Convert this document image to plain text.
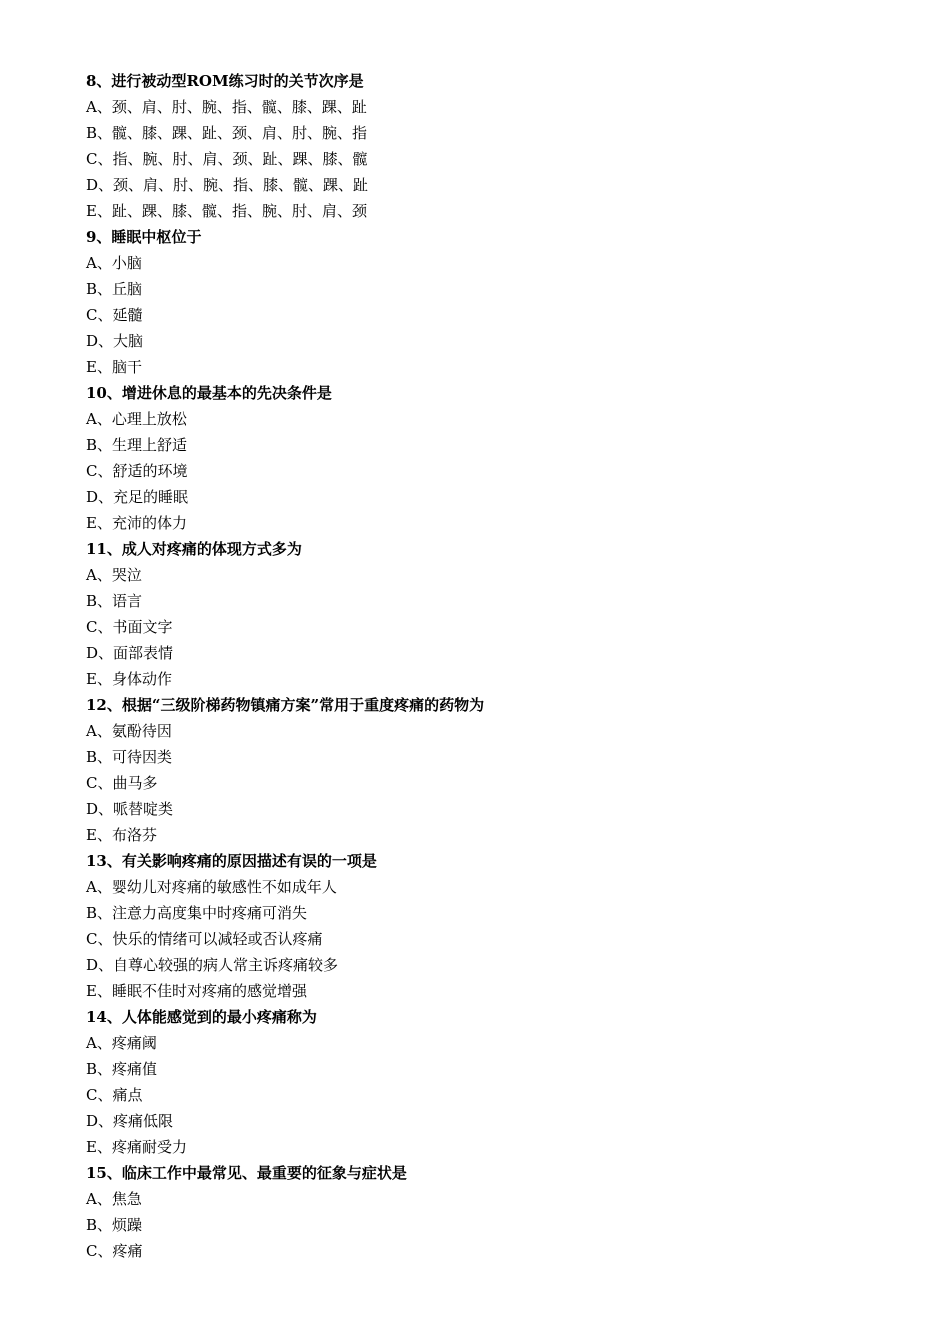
8、进行被动型ROM练习时的关节次序是
A、颈、肩、肘、腕、指、髋、膝、踝、趾
B、髋、膝、踝、趾、颈、肩、肘、腕、指
C、指、腕、肘、肩、颈、趾、踝、膝、髋
D、颈、肩、肘、腕、指、膝、髋、踝、趾
E、趾、踝、膝、髋、指、腕、肘、肩、颈
9、睡眠中枢位于
A、小脑
B、丘脑
C、延髓
D、大脑
E、脑干
10、增进休息的最基本的先决条件是
A、心理上放松
B、生理上舒适
C、舒适的环境
D、充足的睡眠
E、充沛的体力
11、成人对疼痛的体现方式多为
A、哭泣
B、语言
C、书面文字
D、面部表情
E、身体动作
12、根据“三级阶梯药物镇痛方案”常用于重度疼痛的药物为
A、氨酚待因
B、可待因类
C、曲马多
D、哌替啶类
E、布洛芬
13、有关影响疼痛的原因描述有误的一项是
A、婴幼儿对疼痛的敏感性不如成年人
B、注意力高度集中时疼痛可消失
C、快乐的情绪可以减轻或否认疼痛
D、自尊心较强的病人常主诉疼痛较多
E、睡眠不佳时对疼痛的感觉增强
14、人体能感觉到的最小疼痛称为
A、疼痛阈
B、疼痛值
C、痛点
D、疼痛低限
E、疼痛耐受力
15、临床工作中最常见、最重要的征象与症状是
A、焦急
B、烦躁
C、疼痛
